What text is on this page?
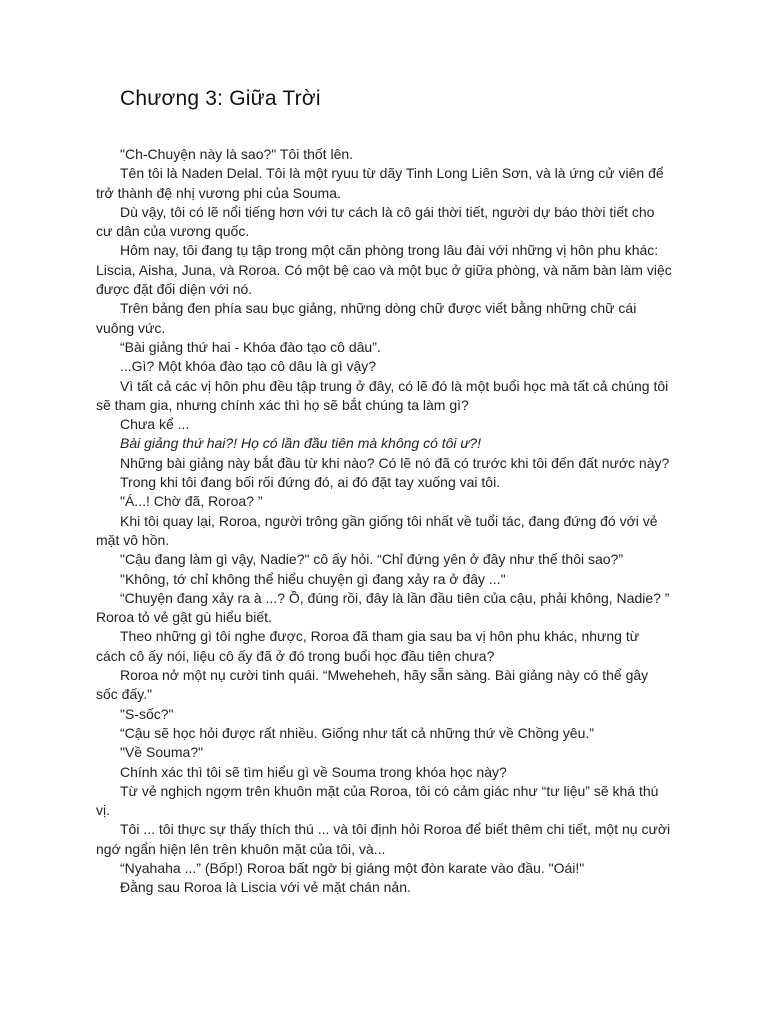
Chương 3: Giữa Trời

"Ch-Chuyện này là sao?" Tôi thốt lên.

Tên tôi là Naden Delal. Tôi là một ryuu từ dãy Tinh Long Liên Sơn, và là ứng cử viên để trở thành đệ nhị vương phi của Souma.

Dù vậy, tôi có lẽ nổi tiếng hơn với tư cách là cô gái thời tiết, người dự báo thời tiết cho cư dân của vương quốc.

Hôm nay, tôi đang tụ tập trong một căn phòng trong lâu đài với những vị hôn phu khác: Liscia, Aisha, Juna, và Roroa. Có một bệ cao và một bục ở giữa phòng, và năm bàn làm việc được đặt đối diện với nó.

Trên bảng đen phía sau bục giảng, những dòng chữ được viết bằng những chữ cái vuông vức.

“Bài giảng thứ hai - Khóa đào tạo cô dâu”.

...Gì? Một khóa đào tạo cô dâu là gì vậy?

Vì tất cả các vị hôn phu đều tập trung ở đây, có lẽ đó là một buổi học mà tất cả chúng tôi sẽ tham gia, nhưng chính xác thì họ sẽ bắt chúng ta làm gì?

Chưa kể ...

Bài giảng thứ hai?! Họ có lần đầu tiên mà không có tôi ư?!

Những bài giảng này bắt đầu từ khi nào? Có lẽ nó đã có trước khi tôi đến đất nước này?

Trong khi tôi đang bối rối đứng đó, ai đó đặt tay xuống vai tôi.

"Á...! Chờ đã, Roroa? ”

Khi tôi quay lại, Roroa, người trông gần giống tôi nhất về tuổi tác, đang đứng đó với vẻ mặt vô hồn.

"Cậu đang làm gì vậy, Nadie?" cô ấy hỏi. “Chỉ đứng yên ở đây như thế thôi sao?”

"Không, tớ chỉ không thể hiểu chuyện gì đang xảy ra ở đây ..."

“Chuyện đang xảy ra à ...? Ồ, đúng rồi, đây là lần đầu tiên của cậu, phải không, Nadie? ” Roroa tỏ vẻ gật gù hiểu biết.

Theo những gì tôi nghe được, Roroa đã tham gia sau ba vị hôn phu khác, nhưng từ cách cô ấy nói, liệu cô ấy đã ở đó trong buổi học đầu tiên chưa?

Roroa nở một nụ cười tinh quái. “Mweheheh, hãy sẵn sàng. Bài giảng này có thể gây sốc đấy."

"S-sốc?"

“Cậu sẽ học hỏi được rất nhiều. Giống như tất cả những thứ về Chồng yêu.”

"Về Souma?"

Chính xác thì tôi sẽ tìm hiểu gì về Souma trong khóa học này?

Từ vẻ nghịch ngợm trên khuôn mặt của Roroa, tôi có cảm giác như “tư liệu” sẽ khá thú vị.

Tôi ... tôi thực sự thấy thích thú ... và tôi định hỏi Roroa để biết thêm chi tiết, một nụ cười ngớ ngẩn hiện lên trên khuôn mặt của tôi, và...

“Nyahaha ...” (Bốp!) Roroa bất ngờ bị giáng một đòn karate vào đầu. "Oái!"

Đằng sau Roroa là Liscia với vẻ mặt chán nản.
